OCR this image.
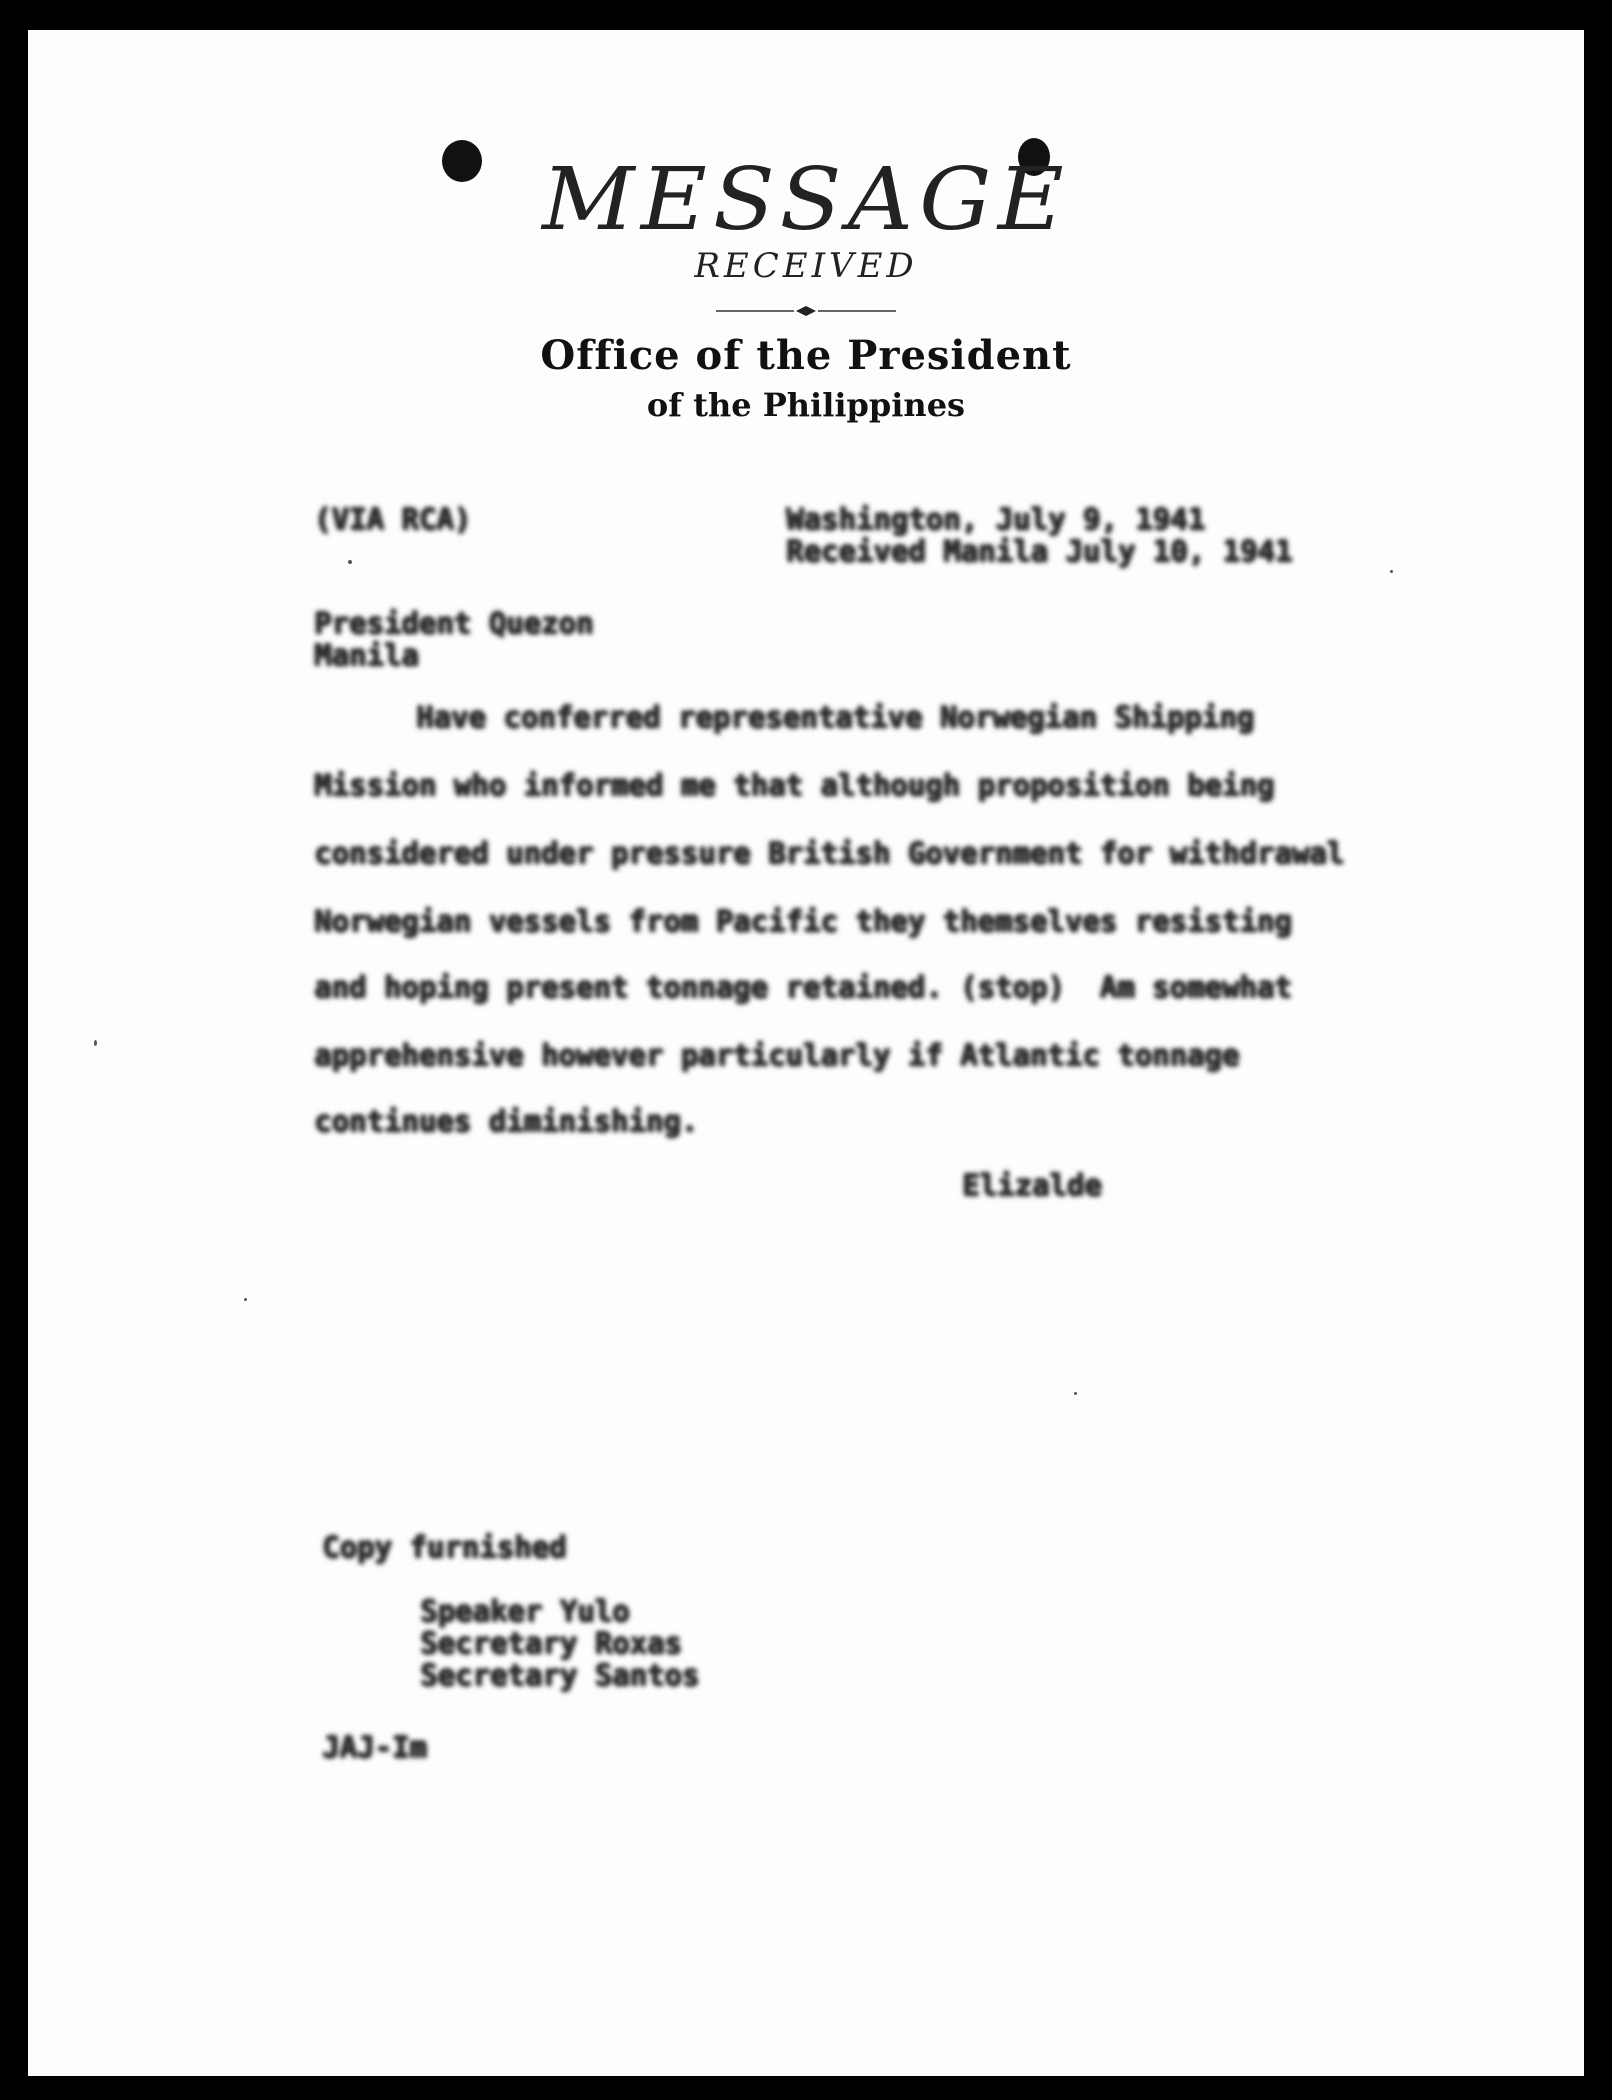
MESSAGE
RECEIVED
Office of the President
of the Philippines
(VIA RCA)	Washington, July 9, 1941
Received Manila July 10, 1941
President Quezon
Manila
Have conferred representative Norwegian Shipping
Mission who informed me that although proposition being
considered under pressure British Government for withdrawal
Norwegian vessels from Pacific they themselves resisting
and hoping present tonnage retained. (stop)  Am somewhat
apprehensive however particularly if Atlantic tonnage
continues diminishing.
Elizalde
Copy furnished
Speaker Yulo
Secretary Roxas
Secretary Santos
JAJ-Im
